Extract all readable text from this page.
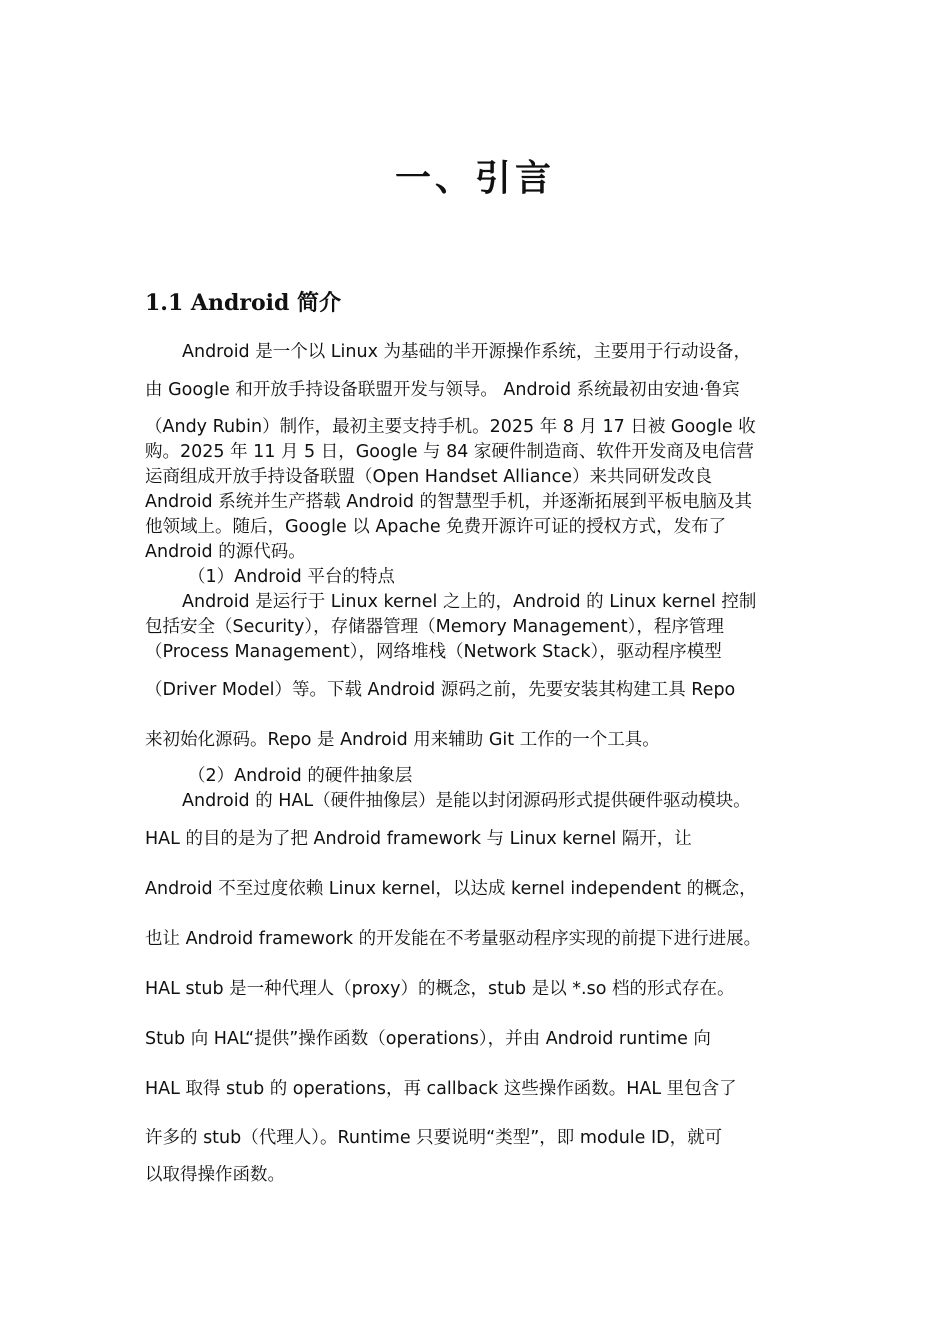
一、引言
1.1 Android 简介

Android 是一个以 Linux 为基础的半开源操作系统，主要用于行动设备，

由 Google 和开放手持设备联盟开发与领导。 Android 系统最初由安迪·鲁宾

（Andy Rubin）制作，最初主要支持手机。2025 年 8 月 17 日被 Google 收

购。2025 年 11 月 5 日，Google 与 84 家硬件制造商、软件开发商及电信营

运商组成开放手持设备联盟（Open Handset Alliance）来共同研发改良

Android 系统并生产搭载 Android 的智慧型手机，并逐渐拓展到平板电脑及其

他领域上。随后，Google 以 Apache 免费开源许可证的授权方式，发布了

Android 的源代码。

（1）Android 平台的特点

Android 是运行于 Linux kernel 之上的，Android 的 Linux kernel 控制

包括安全（Security），存储器管理（Memory Management），程序管理

（Process Management），网络堆栈（Network Stack），驱动程序模型

（Driver Model）等。下载 Android 源码之前，先要安装其构建工具 Repo

来初始化源码。Repo 是 Android 用来辅助 Git 工作的一个工具。

（2）Android 的硬件抽象层

Android 的 HAL（硬件抽像层）是能以封闭源码形式提供硬件驱动模块。

HAL 的目的是为了把 Android framework 与 Linux kernel 隔开，让

Android 不至过度依赖 Linux kernel，以达成 kernel independent 的概念，

也让 Android framework 的开发能在不考量驱动程序实现的前提下进行进展。

HAL stub 是一种代理人（proxy）的概念，stub 是以 *.so 档的形式存在。

Stub 向 HAL“提供”操作函数（operations），并由 Android runtime 向

HAL 取得 stub 的 operations，再 callback 这些操作函数。HAL 里包含了

许多的 stub（代理人）。Runtime 只要说明“类型”，即 module ID，就可

以取得操作函数。
